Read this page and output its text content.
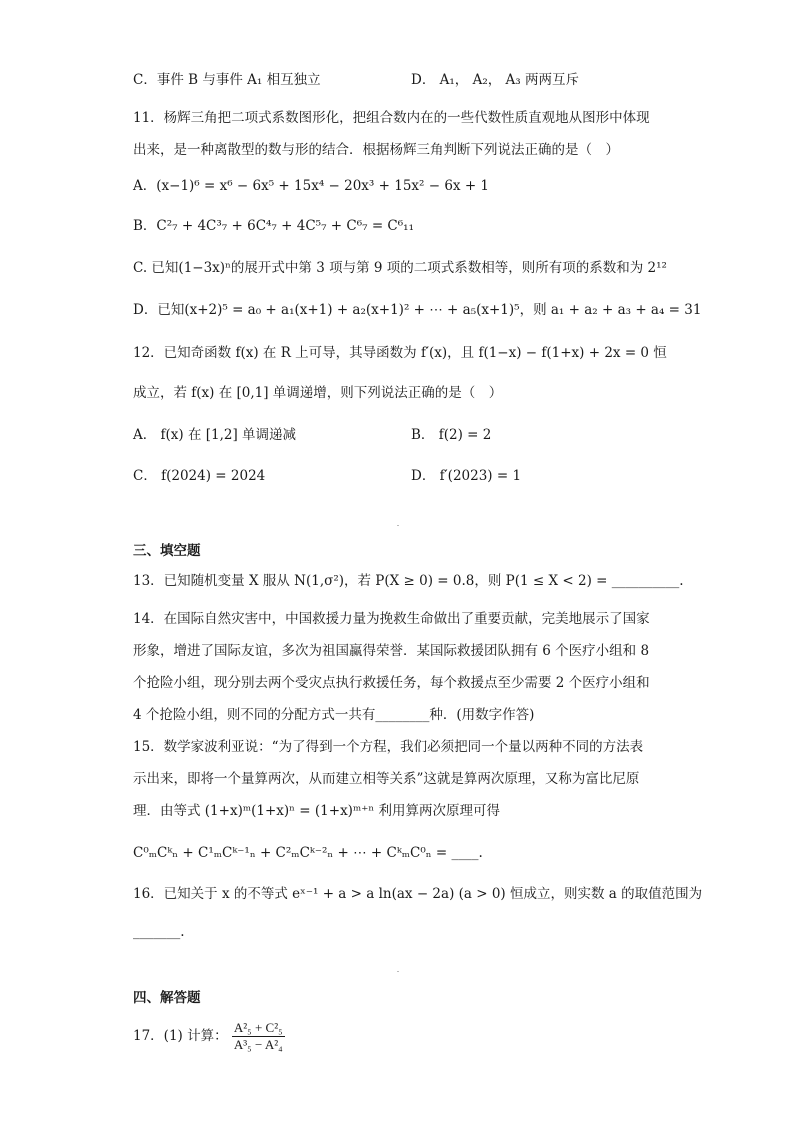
C．事件 B 与事件 A₁ 相互独立	D． A₁， A₂， A₃ 两两互斥
11．杨辉三角把二项式系数图形化，把组合数内在的一些代数性质直观地从图形中体现
出来，是一种离散型的数与形的结合．根据杨辉三角判断下列说法正确的是（　）
A．(x−1)⁶ = x⁶ − 6x⁵ + 15x⁴ − 20x³ + 15x² − 6x + 1
B．C²₇ + 4C³₇ + 6C⁴₇ + 4C⁵₇ + C⁶₇ = C⁶₁₁
C. 已知(1−3x)ⁿ的展开式中第 3 项与第 9 项的二项式系数相等，则所有项的系数和为 2¹²
D．已知(x+2)⁵ = a₀ + a₁(x+1) + a₂(x+1)² + ⋯ + a₅(x+1)⁵，则 a₁ + a₂ + a₃ + a₄ = 31
12．已知奇函数 f(x) 在 R 上可导，其导函数为 f′(x)，且 f(1−x) − f(1+x) + 2x = 0 恒
成立，若 f(x) 在 [0,1] 单调递增，则下列说法正确的是（　）
A． f(x) 在 [1,2] 单调递减	B． f(2) = 2
C． f(2024) = 2024	D． f′(2023) = 1
三、填空题
13．已知随机变量 X 服从 N(1,σ²)，若 P(X ≥ 0) = 0.8，则 P(1 ≤ X < 2) = __________.
14．在国际自然灾害中，中国救援力量为挽救生命做出了重要贡献，完美地展示了国家
形象，增进了国际友谊，多次为祖国赢得荣誉．某国际救援团队拥有 6 个医疗小组和 8
个抢险小组，现分别去两个受灾点执行救援任务，每个救援点至少需要 2 个医疗小组和
4 个抢险小组，则不同的分配方式一共有________种．(用数字作答)
15．数学家波利亚说：“为了得到一个方程，我们必须把同一个量以两种不同的方法表
示出来，即将一个量算两次，从而建立相等关系”这就是算两次原理，又称为富比尼原
理．由等式 (1+x)ᵐ(1+x)ⁿ = (1+x)ᵐ⁺ⁿ 利用算两次原理可得
C⁰ₘCᵏₙ + C¹ₘCᵏ⁻¹ₙ + C²ₘCᵏ⁻²ₙ + ⋯ + CᵏₘC⁰ₙ = ____.
16．已知关于 x 的不等式 eˣ⁻¹ + a > a ln(ax − 2a) (a > 0) 恒成立，则实数 a 的取值范围为
_______.
四、解答题
17．(1) 计算： $\frac{\text{A²₅ + C²₅}}{\text{A³₅ − A²₄}}$
